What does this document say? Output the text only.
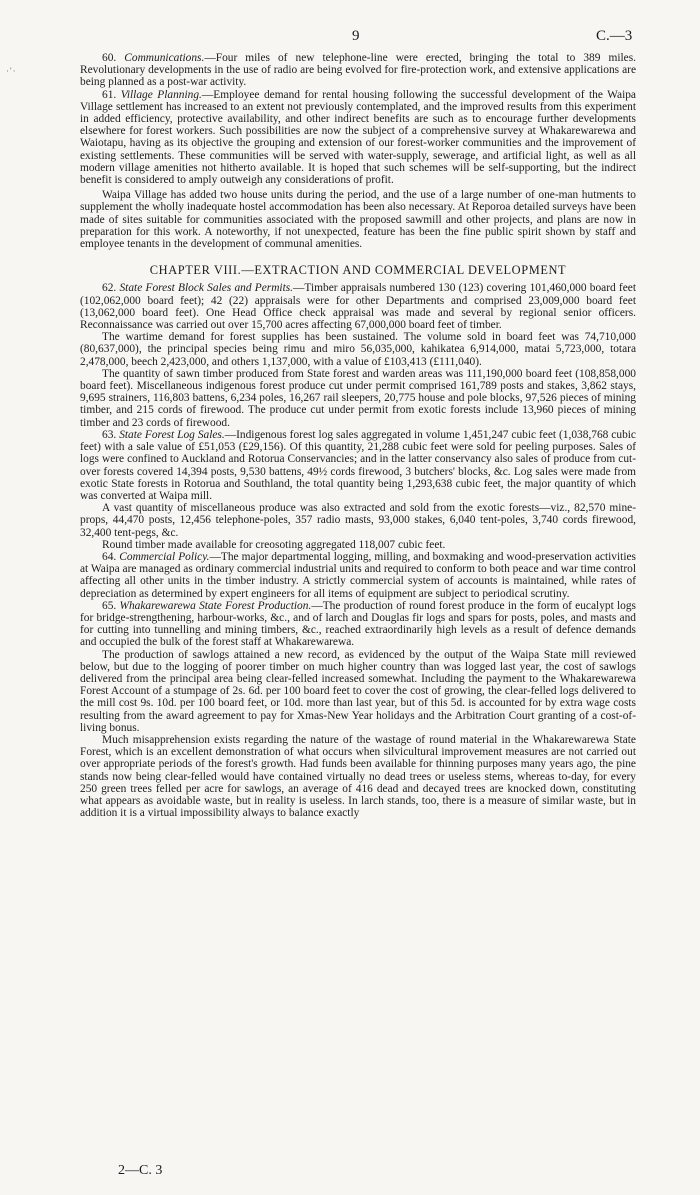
9	C.—3
·'·

60. Communications.—Four miles of new telephone-line were erected, bringing the total to 389 miles. Revolutionary developments in the use of radio are being evolved for fire-protection work, and extensive applications are being planned as a post-war activity.

61. Village Planning.—Employee demand for rental housing following the successful development of the Waipa Village settlement has increased to an extent not previously contemplated, and the improved results from this experiment in added efficiency, protective availability, and other indirect benefits are such as to encourage further developments elsewhere for forest workers. Such possibilities are now the subject of a comprehensive survey at Whakarewarewa and Waiotapu, having as its objective the grouping and extension of our forest-worker communities and the improvement of existing settlements. These communities will be served with water-supply, sewerage, and artificial light, as well as all modern village amenities not hitherto available. It is hoped that such schemes will be self-supporting, but the indirect benefit is considered to amply outweigh any considerations of profit.

Waipa Village has added two house units during the period, and the use of a large number of one-man hutments to supplement the wholly inadequate hostel accommodation has been also necessary. At Reporoa detailed surveys have been made of sites suitable for communities associated with the proposed sawmill and other projects, and plans are now in preparation for this work. A noteworthy, if not unexpected, feature has been the fine public spirit shown by staff and employee tenants in the development of communal amenities.

CHAPTER VIII.—EXTRACTION AND COMMERCIAL DEVELOPMENT

62. State Forest Block Sales and Permits.—Timber appraisals numbered 130 (123) covering 101,460,000 board feet (102,062,000 board feet); 42 (22) appraisals were for other Departments and comprised 23,009,000 board feet (13,062,000 board feet). One Head Office check appraisal was made and several by regional senior officers. Reconnaissance was carried out over 15,700 acres affecting 67,000,000 board feet of timber.

The wartime demand for forest supplies has been sustained. The volume sold in board feet was 74,710,000 (80,637,000), the principal species being rimu and miro 56,035,000, kahikatea 6,914,000, matai 5,723,000, totara 2,478,000, beech 2,423,000, and others 1,137,000, with a value of £103,413 (£111,040).

The quantity of sawn timber produced from State forest and warden areas was 111,190,000 board feet (108,858,000 board feet). Miscellaneous indigenous forest produce cut under permit comprised 161,789 posts and stakes, 3,862 stays, 9,695 strainers, 116,803 battens, 6,234 poles, 16,267 rail sleepers, 20,775 house and pole blocks, 97,526 pieces of mining timber, and 215 cords of firewood. The produce cut under permit from exotic forests include 13,960 pieces of mining timber and 23 cords of firewood.

63. State Forest Log Sales.—Indigenous forest log sales aggregated in volume 1,451,247 cubic feet (1,038,768 cubic feet) with a sale value of £51,053 (£29,156). Of this quantity, 21,288 cubic feet were sold for peeling purposes. Sales of logs were confined to Auckland and Rotorua Conservancies; and in the latter conservancy also sales of produce from cut-over forests covered 14,394 posts, 9,530 battens, 49½ cords firewood, 3 butchers' blocks, &c. Log sales were made from exotic State forests in Rotorua and Southland, the total quantity being 1,293,638 cubic feet, the major quantity of which was converted at Waipa mill.

A vast quantity of miscellaneous produce was also extracted and sold from the exotic forests—viz., 82,570 mine-props, 44,470 posts, 12,456 telephone-poles, 357 radio masts, 93,000 stakes, 6,040 tent-poles, 3,740 cords firewood, 32,400 tent-pegs, &c.

Round timber made available for creosoting aggregated 118,007 cubic feet.

64. Commercial Policy.—The major departmental logging, milling, and boxmaking and wood-preservation activities at Waipa are managed as ordinary commercial industrial units and required to conform to both peace and war time control affecting all other units in the timber industry. A strictly commercial system of accounts is maintained, while rates of depreciation as determined by expert engineers for all items of equipment are subject to periodical scrutiny.

65. Whakarewarewa State Forest Production.—The production of round forest produce in the form of eucalypt logs for bridge-strengthening, harbour-works, &c., and of larch and Douglas fir logs and spars for posts, poles, and masts and for cutting into tunnelling and mining timbers, &c., reached extraordinarily high levels as a result of defence demands and occupied the bulk of the forest staff at Whakarewarewa.

The production of sawlogs attained a new record, as evidenced by the output of the Waipa State mill reviewed below, but due to the logging of poorer timber on much higher country than was logged last year, the cost of sawlogs delivered from the principal area being clear-felled increased somewhat. Including the payment to the Whakarewarewa Forest Account of a stumpage of 2s. 6d. per 100 board feet to cover the cost of growing, the clear-felled logs delivered to the mill cost 9s. 10d. per 100 board feet, or 10d. more than last year, but of this 5d. is accounted for by extra wage costs resulting from the award agreement to pay for Xmas-New Year holidays and the Arbitration Court granting of a cost-of-living bonus.

Much misapprehension exists regarding the nature of the wastage of round material in the Whakarewarewa State Forest, which is an excellent demonstration of what occurs when silvicultural improvement measures are not carried out over appropriate periods of the forest's growth. Had funds been available for thinning purposes many years ago, the pine stands now being clear-felled would have contained virtually no dead trees or useless stems, whereas to-day, for every 250 green trees felled per acre for sawlogs, an average of 416 dead and decayed trees are knocked down, constituting what appears as avoidable waste, but in reality is useless. In larch stands, too, there is a measure of similar waste, but in addition it is a virtual impossibility always to balance exactly

2—C. 3
